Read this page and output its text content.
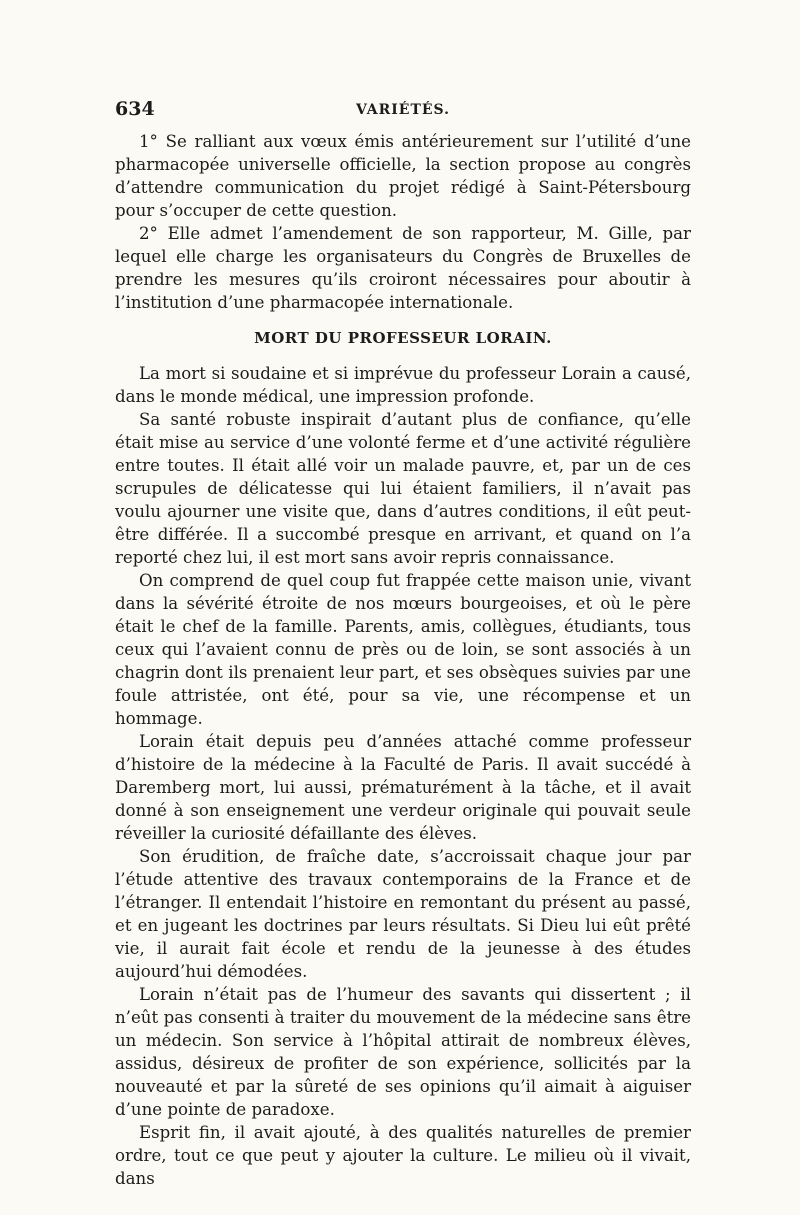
634	VARIÉTÉS.

1° Se ralliant aux vœux émis antérieurement sur l’utilité d’une pharmacopée universelle officielle, la section propose au congrès d’attendre communication du projet rédigé à Saint-Pétersbourg pour s’occuper de cette question.

2° Elle admet l’amendement de son rapporteur, M. Gille, par lequel elle charge les organisateurs du Congrès de Bruxelles de prendre les mesures qu’ils croiront nécessaires pour aboutir à l’institution d’une pharmacopée internationale.

MORT DU PROFESSEUR LORAIN.

La mort si soudaine et si imprévue du professeur Lorain a causé, dans le monde médical, une impression profonde.

Sa santé robuste inspirait d’autant plus de confiance, qu’elle était mise au service d’une volonté ferme et d’une activité régulière entre toutes. Il était allé voir un malade pauvre, et, par un de ces scrupules de délicatesse qui lui étaient familiers, il n’avait pas voulu ajourner une visite que, dans d’autres conditions, il eût peut-être différée. Il a succombé presque en arrivant, et quand on l’a reporté chez lui, il est mort sans avoir repris connaissance.

On comprend de quel coup fut frappée cette maison unie, vivant dans la sévérité étroite de nos mœurs bourgeoises, et où le père était le chef de la famille. Parents, amis, collègues, étudiants, tous ceux qui l’avaient connu de près ou de loin, se sont associés à un chagrin dont ils prenaient leur part, et ses obsèques suivies par une foule attristée, ont été, pour sa vie, une récompense et un hommage.

Lorain était depuis peu d’années attaché comme professeur d’histoire de la médecine à la Faculté de Paris. Il avait succédé à Daremberg mort, lui aussi, prématurément à la tâche, et il avait donné à son enseignement une verdeur originale qui pouvait seule réveiller la curiosité défaillante des élèves.

Son érudition, de fraîche date, s’accroissait chaque jour par l’étude attentive des travaux contemporains de la France et de l’étranger. Il entendait l’histoire en remontant du présent au passé, et en jugeant les doctrines par leurs résultats. Si Dieu lui eût prêté vie, il aurait fait école et rendu de la jeunesse à des études aujourd’hui démodées.

Lorain n’était pas de l’humeur des savants qui dissertent ; il n’eût pas consenti à traiter du mouvement de la médecine sans être un médecin. Son service à l’hôpital attirait de nombreux élèves, assidus, désireux de profiter de son expérience, sollicités par la nouveauté et par la sûreté de ses opinions qu’il aimait à aiguiser d’une pointe de paradoxe.

Esprit fin, il avait ajouté, à des qualités naturelles de premier ordre, tout ce que peut y ajouter la culture. Le milieu où il vivait, dans
